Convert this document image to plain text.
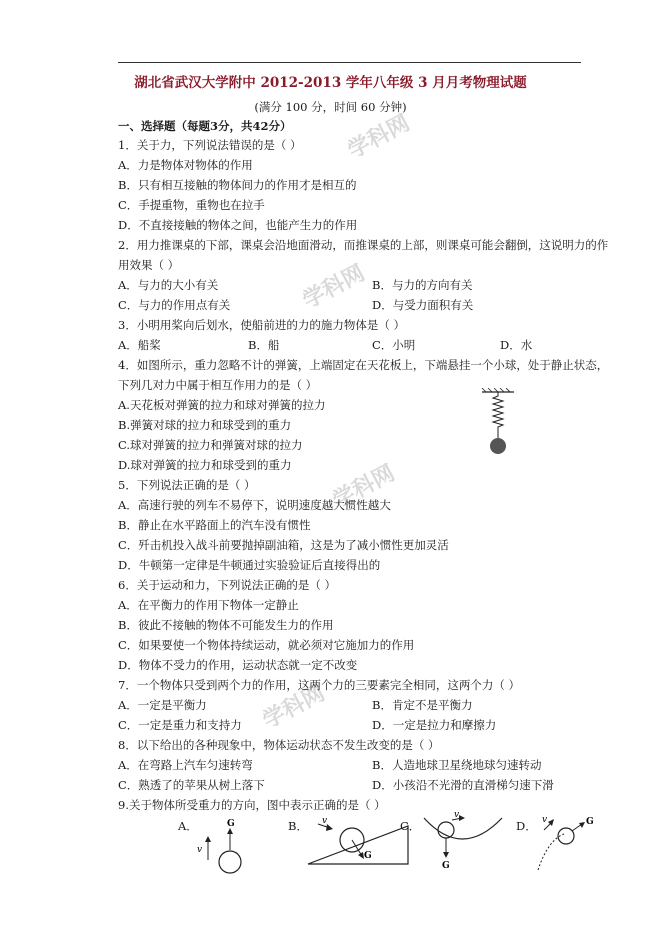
学科网
学科网
学科网
学科网
湖北省武汉大学附中 2012-2013 学年八年级 3 月月考物理试题
(满分 100 分，时间 60 分钟)
一、选择题（每题3分，共42分）
1．关于力，下列说法错误的是（ ）
A．力是物体对物体的作用
B．只有相互接触的物体间力的作用才是相互的
C．手提重物，重物也在拉手
D．不直接接触的物体之间，也能产生力的作用
2．用力推课桌的下部，课桌会沿地面滑动，而推课桌的上部，则课桌可能会翻倒，这说明力的作
用效果（ ）
A．与力的大小有关	B．与力的方向有关
C．与力的作用点有关	D．与受力面积有关
3．小明用桨向后划水，使船前进的力的施力物体是（ ）
A．船桨	B．船	C．小明	D．水
4．如图所示，重力忽略不计的弹簧，上端固定在天花板上，下端悬挂一个小球，处于静止状态，
下列几对力中属于相互作用力的是（ ）
A.天花板对弹簧的拉力和球对弹簧的拉力
B.弹簧对球的拉力和球受到的重力
C.球对弹簧的拉力和弹簧对球的拉力
D.球对弹簧的拉力和球受到的重力
5．下列说法正确的是（ ）
A．高速行驶的列车不易停下，说明速度越大惯性越大
B．静止在水平路面上的汽车没有惯性
C．歼击机投入战斗前要抛掉副油箱，这是为了减小惯性更加灵活
D．牛顿第一定律是牛顿通过实验验证后直接得出的
6．关于运动和力，下列说法正确的是（ ）
A．在平衡力的作用下物体一定静止
B．彼此不接触的物体不可能发生力的作用
C．如果要使一个物体持续运动，就必须对它施加力的作用
D．物体不受力的作用，运动状态就一定不改变
7．一个物体只受到两个力的作用，这两个力的三要素完全相同，这两个力（ ）
A．一定是平衡力	B．肯定不是平衡力
C．一定是重力和支持力	D．一定是拉力和摩擦力
8．以下给出的各种现象中，物体运动状态不发生改变的是（ ）
A．在弯路上汽车匀速转弯	B．人造地球卫星绕地球匀速转动
C．熟透了的苹果从树上落下	D．小孩沿不光滑的直滑梯匀速下滑
9.关于物体所受重力的方向，图中表示正确的是（ ）
A．	B．	C．	D．
v
G	v
G
v
G
v	G
